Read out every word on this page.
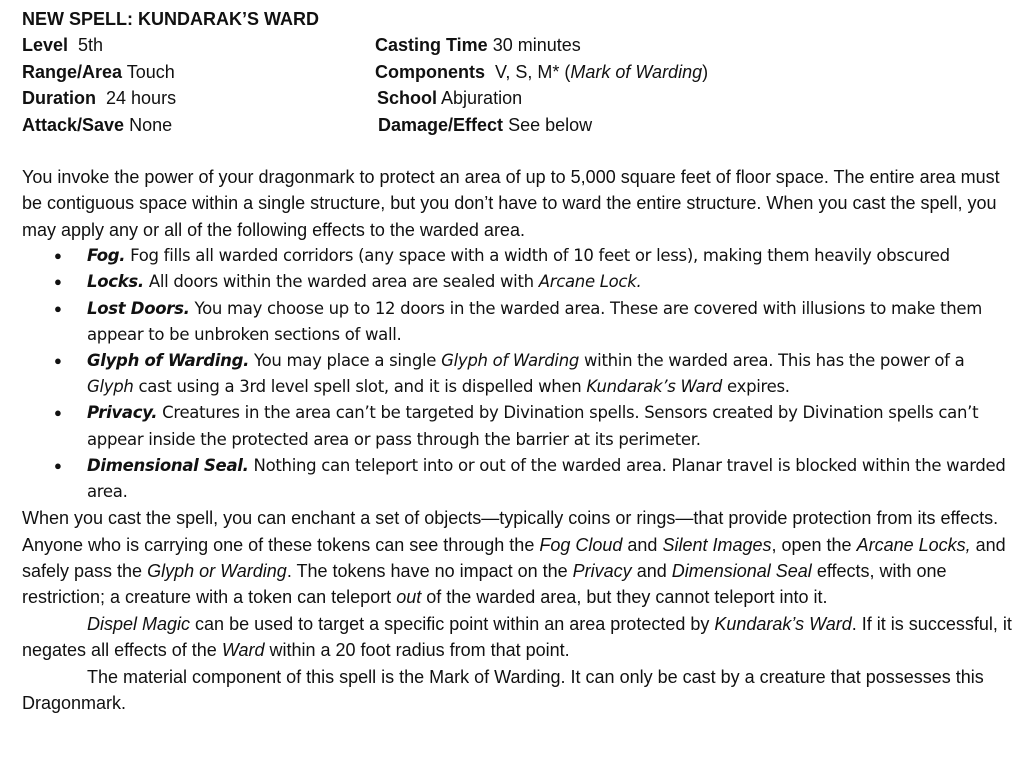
NEW SPELL: KUNDARAK’S WARD
Level 5th	Casting Time 30 minutes
Range/Area Touch	Components V, S, M* (Mark of Warding)
Duration 24 hours	School Abjuration
Attack/Save None	Damage/Effect See below

You invoke the power of your dragonmark to protect an area of up to 5,000 square feet of floor space. The entire area must be contiguous space within a single structure, but you don’t have to ward the entire structure. When you cast the spell, you may apply any or all of the following effects to the warded area.

● Fog. Fog fills all warded corridors (any space with a width of 10 feet or less), making them heavily obscured
● Locks. All doors within the warded area are sealed with Arcane Lock.
● Lost Doors. You may choose up to 12 doors in the warded area. These are covered with illusions to make them appear to be unbroken sections of wall.
● Glyph of Warding. You may place a single Glyph of Warding within the warded area. This has the power of a Glyph cast using a 3rd level spell slot, and it is dispelled when Kundarak’s Ward expires.
● Privacy. Creatures in the area can’t be targeted by Divination spells. Sensors created by Divination spells can’t appear inside the protected area or pass through the barrier at its perimeter.
● Dimensional Seal. Nothing can teleport into or out of the warded area. Planar travel is blocked within the warded area.

When you cast the spell, you can enchant a set of objects—typically coins or rings—that provide protection from its effects. Anyone who is carrying one of these tokens can see through the Fog Cloud and Silent Images, open the Arcane Locks, and safely pass the Glyph or Warding. The tokens have no impact on the Privacy and Dimensional Seal effects, with one restriction; a creature with a token can teleport out of the warded area, but they cannot teleport into it.

Dispel Magic can be used to target a specific point within an area protected by Kundarak’s Ward. If it is successful, it negates all effects of the Ward within a 20 foot radius from that point.

The material component of this spell is the Mark of Warding. It can only be cast by a creature that possesses this Dragonmark.
